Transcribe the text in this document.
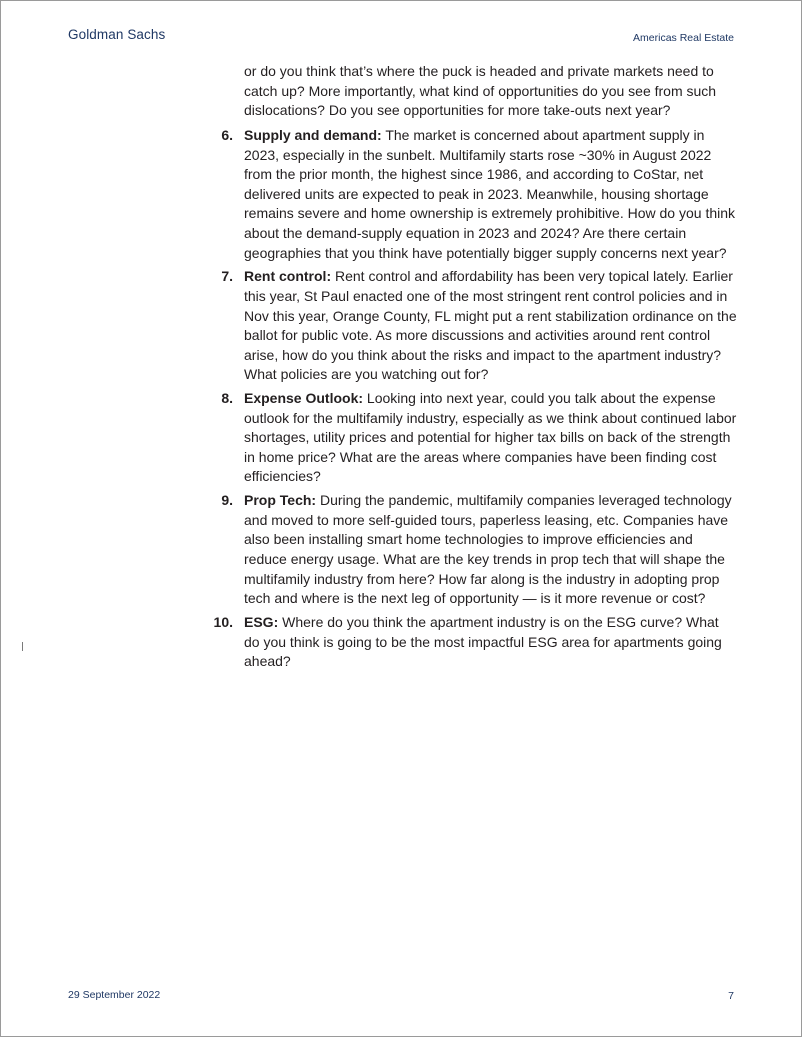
Goldman Sachs	Americas Real Estate
or do you think that’s where the puck is headed and private markets need to catch up? More importantly, what kind of opportunities do you see from such dislocations? Do you see opportunities for more take-outs next year?
6. Supply and demand: The market is concerned about apartment supply in 2023, especially in the sunbelt. Multifamily starts rose ~30% in August 2022 from the prior month, the highest since 1986, and according to CoStar, net delivered units are expected to peak in 2023. Meanwhile, housing shortage remains severe and home ownership is extremely prohibitive. How do you think about the demand-supply equation in 2023 and 2024? Are there certain geographies that you think have potentially bigger supply concerns next year?
7. Rent control: Rent control and affordability has been very topical lately. Earlier this year, St Paul enacted one of the most stringent rent control policies and in Nov this year, Orange County, FL might put a rent stabilization ordinance on the ballot for public vote. As more discussions and activities around rent control arise, how do you think about the risks and impact to the apartment industry? What policies are you watching out for?
8. Expense Outlook: Looking into next year, could you talk about the expense outlook for the multifamily industry, especially as we think about continued labor shortages, utility prices and potential for higher tax bills on back of the strength in home price? What are the areas where companies have been finding cost efficiencies?
9. Prop Tech: During the pandemic, multifamily companies leveraged technology and moved to more self-guided tours, paperless leasing, etc. Companies have also been installing smart home technologies to improve efficiencies and reduce energy usage. What are the key trends in prop tech that will shape the multifamily industry from here? How far along is the industry in adopting prop tech and where is the next leg of opportunity — is it more revenue or cost?
10. ESG: Where do you think the apartment industry is on the ESG curve? What do you think is going to be the most impactful ESG area for apartments going ahead?
29 September 2022	7
